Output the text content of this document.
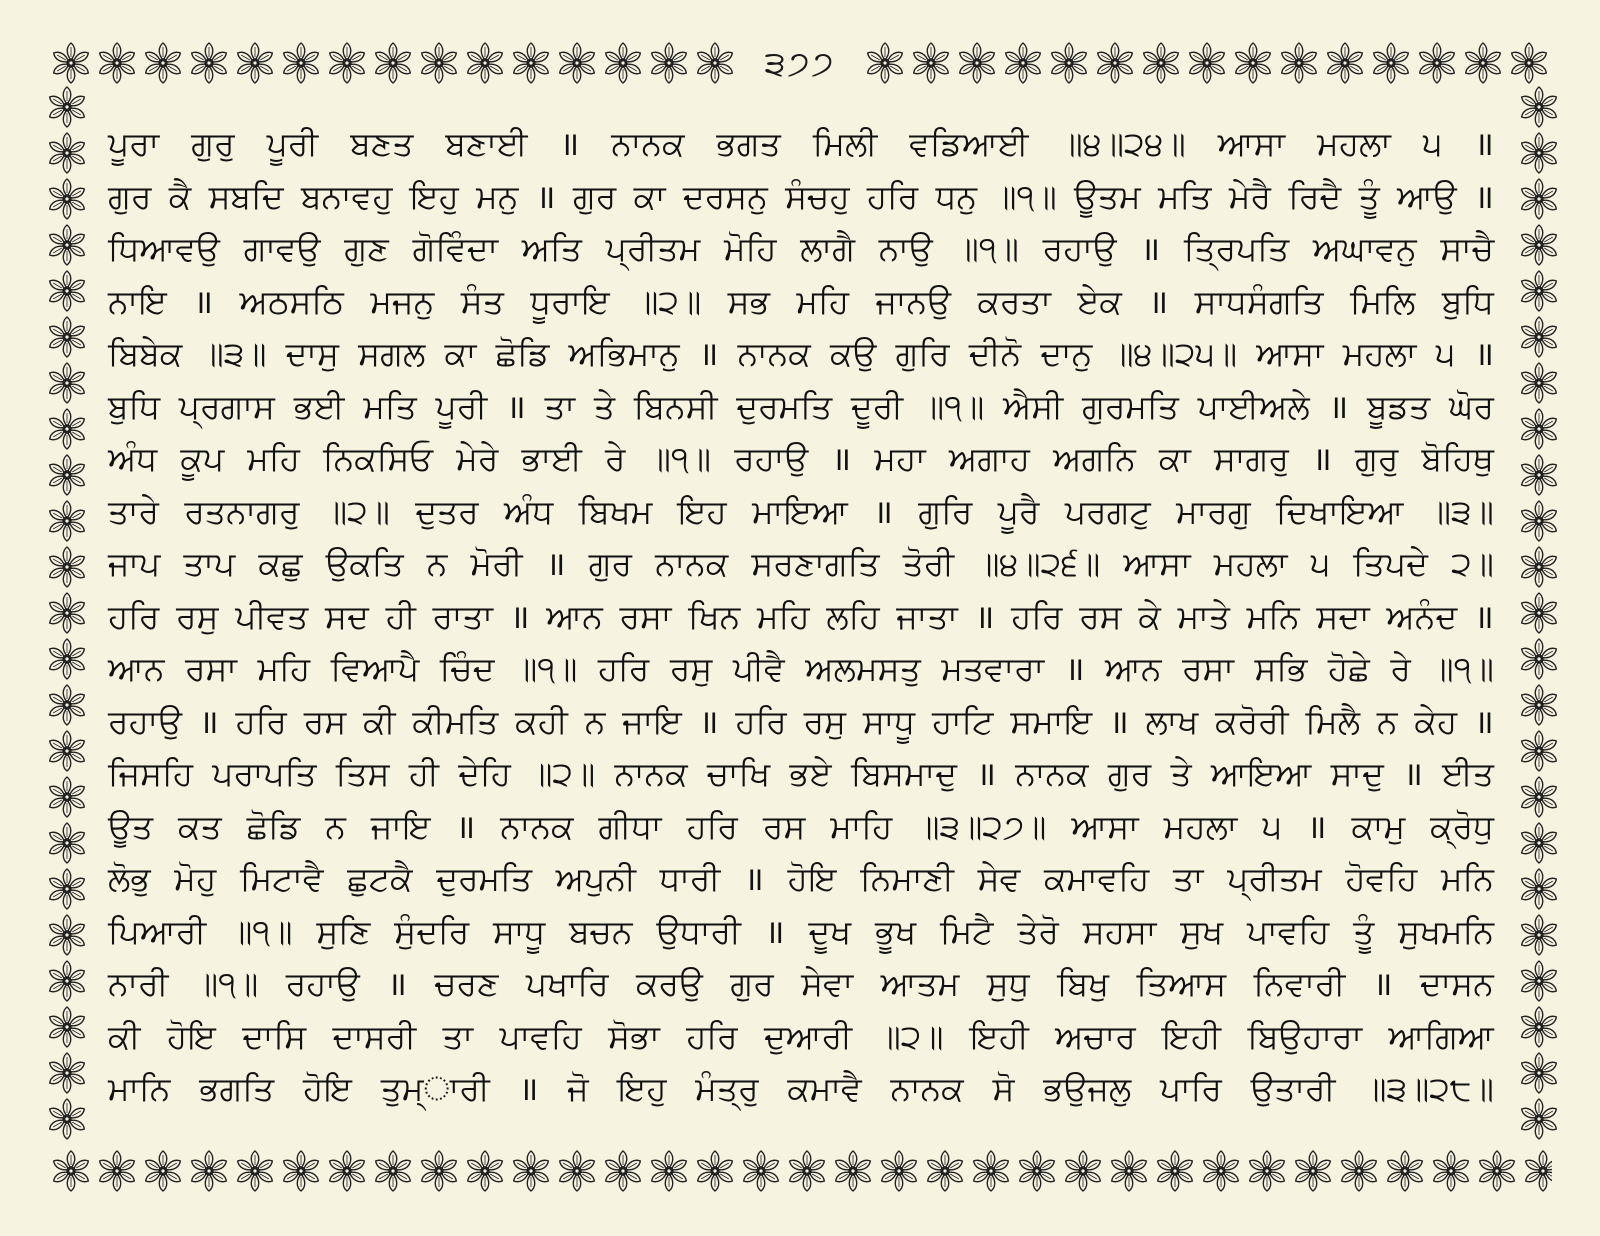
੩੭੭
ਪੂਰਾ ਗੁਰੁ ਪੂਰੀ ਬਣਤ ਬਣਾਈ ॥ ਨਾਨਕ ਭਗਤ ਮਿਲੀ ਵਡਿਆਈ ॥੪॥੨੪॥ ਆਸਾ ਮਹਲਾ ੫ ॥
ਗੁਰ ਕੈ ਸਬਦਿ ਬਨਾਵਹੁ ਇਹੁ ਮਨੁ ॥ ਗੁਰ ਕਾ ਦਰਸਨੁ ਸੰਚਹੁ ਹਰਿ ਧਨੁ ॥੧॥ ਊਤਮ ਮਤਿ ਮੇਰੈ ਰਿਦੈ ਤੂੰ ਆਉ ॥
ਧਿਆਵਉ ਗਾਵਉ ਗੁਣ ਗੋਵਿੰਦਾ ਅਤਿ ਪ੍ਰੀਤਮ ਮੋਹਿ ਲਾਗੈ ਨਾਉ ॥੧॥ ਰਹਾਉ ॥ ਤ੍ਰਿਪਤਿ ਅਘਾਵਨੁ ਸਾਚੈ
ਨਾਇ ॥ ਅਠਸਠਿ ਮਜਨੁ ਸੰਤ ਧੂਰਾਇ ॥੨॥ ਸਭ ਮਹਿ ਜਾਨਉ ਕਰਤਾ ਏਕ ॥ ਸਾਧਸੰਗਤਿ ਮਿਲਿ ਬੁਧਿ
ਬਿਬੇਕ ॥੩॥ ਦਾਸੁ ਸਗਲ ਕਾ ਛੋਡਿ ਅਭਿਮਾਨੁ ॥ ਨਾਨਕ ਕਉ ਗੁਰਿ ਦੀਨੋ ਦਾਨੁ ॥੪॥੨੫॥ ਆਸਾ ਮਹਲਾ ੫ ॥
ਬੁਧਿ ਪ੍ਰਗਾਸ ਭਈ ਮਤਿ ਪੂਰੀ ॥ ਤਾ ਤੇ ਬਿਨਸੀ ਦੁਰਮਤਿ ਦੂਰੀ ॥੧॥ ਐਸੀ ਗੁਰਮਤਿ ਪਾਈਅਲੇ ॥ ਬੂਡਤ ਘੋਰ
ਅੰਧ ਕੂਪ ਮਹਿ ਨਿਕਸਿਓ ਮੇਰੇ ਭਾਈ ਰੇ ॥੧॥ ਰਹਾਉ ॥ ਮਹਾ ਅਗਾਹ ਅਗਨਿ ਕਾ ਸਾਗਰੁ ॥ ਗੁਰੁ ਬੋਹਿਥੁ
ਤਾਰੇ ਰਤਨਾਗਰੁ ॥੨॥ ਦੁਤਰ ਅੰਧ ਬਿਖਮ ਇਹ ਮਾਇਆ ॥ ਗੁਰਿ ਪੂਰੈ ਪਰਗਟੁ ਮਾਰਗੁ ਦਿਖਾਇਆ ॥੩॥
ਜਾਪ ਤਾਪ ਕਛੁ ਉਕਤਿ ਨ ਮੋਰੀ ॥ ਗੁਰ ਨਾਨਕ ਸਰਣਾਗਤਿ ਤੋਰੀ ॥੪॥੨੬॥ ਆਸਾ ਮਹਲਾ ੫ ਤਿਪਦੇ ੨॥
ਹਰਿ ਰਸੁ ਪੀਵਤ ਸਦ ਹੀ ਰਾਤਾ ॥ ਆਨ ਰਸਾ ਖਿਨ ਮਹਿ ਲਹਿ ਜਾਤਾ ॥ ਹਰਿ ਰਸ ਕੇ ਮਾਤੇ ਮਨਿ ਸਦਾ ਅਨੰਦ ॥
ਆਨ ਰਸਾ ਮਹਿ ਵਿਆਪੈ ਚਿੰਦ ॥੧॥ ਹਰਿ ਰਸੁ ਪੀਵੈ ਅਲਮਸਤੁ ਮਤਵਾਰਾ ॥ ਆਨ ਰਸਾ ਸਭਿ ਹੋਛੇ ਰੇ ॥੧॥
ਰਹਾਉ ॥ ਹਰਿ ਰਸ ਕੀ ਕੀਮਤਿ ਕਹੀ ਨ ਜਾਇ ॥ ਹਰਿ ਰਸੁ ਸਾਧੂ ਹਾਟਿ ਸਮਾਇ ॥ ਲਾਖ ਕਰੋਰੀ ਮਿਲੈ ਨ ਕੇਹ ॥
ਜਿਸਹਿ ਪਰਾਪਤਿ ਤਿਸ ਹੀ ਦੇਹਿ ॥੨॥ ਨਾਨਕ ਚਾਖਿ ਭਏ ਬਿਸਮਾਦੁ ॥ ਨਾਨਕ ਗੁਰ ਤੇ ਆਇਆ ਸਾਦੁ ॥ ਈਤ
ਊਤ ਕਤ ਛੋਡਿ ਨ ਜਾਇ ॥ ਨਾਨਕ ਗੀਧਾ ਹਰਿ ਰਸ ਮਾਹਿ ॥੩॥੨੭॥ ਆਸਾ ਮਹਲਾ ੫ ॥ ਕਾਮੁ ਕ੍ਰੋਧੁ
ਲੋਭੁ ਮੋਹੁ ਮਿਟਾਵੈ ਛੁਟਕੈ ਦੁਰਮਤਿ ਅਪੁਨੀ ਧਾਰੀ ॥ ਹੋਇ ਨਿਮਾਣੀ ਸੇਵ ਕਮਾਵਹਿ ਤਾ ਪ੍ਰੀਤਮ ਹੋਵਹਿ ਮਨਿ
ਪਿਆਰੀ ॥੧॥ ਸੁਣਿ ਸੁੰਦਰਿ ਸਾਧੂ ਬਚਨ ਉਧਾਰੀ ॥ ਦੂਖ ਭੂਖ ਮਿਟੈ ਤੇਰੋ ਸਹਸਾ ਸੁਖ ਪਾਵਹਿ ਤੂੰ ਸੁਖਮਨਿ
ਨਾਰੀ ॥੧॥ ਰਹਾਉ ॥ ਚਰਣ ਪਖਾਰਿ ਕਰਉ ਗੁਰ ਸੇਵਾ ਆਤਮ ਸੁਧੁ ਬਿਖੁ ਤਿਆਸ ਨਿਵਾਰੀ ॥ ਦਾਸਨ
ਕੀ ਹੋਇ ਦਾਸਿ ਦਾਸਰੀ ਤਾ ਪਾਵਹਿ ਸੋਭਾ ਹਰਿ ਦੁਆਰੀ ॥੨॥ ਇਹੀ ਅਚਾਰ ਇਹੀ ਬਿਉਹਾਰਾ ਆਗਿਆ
ਮਾਨਿ ਭਗਤਿ ਹੋਇ ਤੁਮ੍ਾਰੀ ॥ ਜੋ ਇਹੁ ਮੰਤ੍ਰੁ ਕਮਾਵੈ ਨਾਨਕ ਸੋ ਭਉਜਲੁ ਪਾਰਿ ਉਤਾਰੀ ॥੩॥੨੮॥
